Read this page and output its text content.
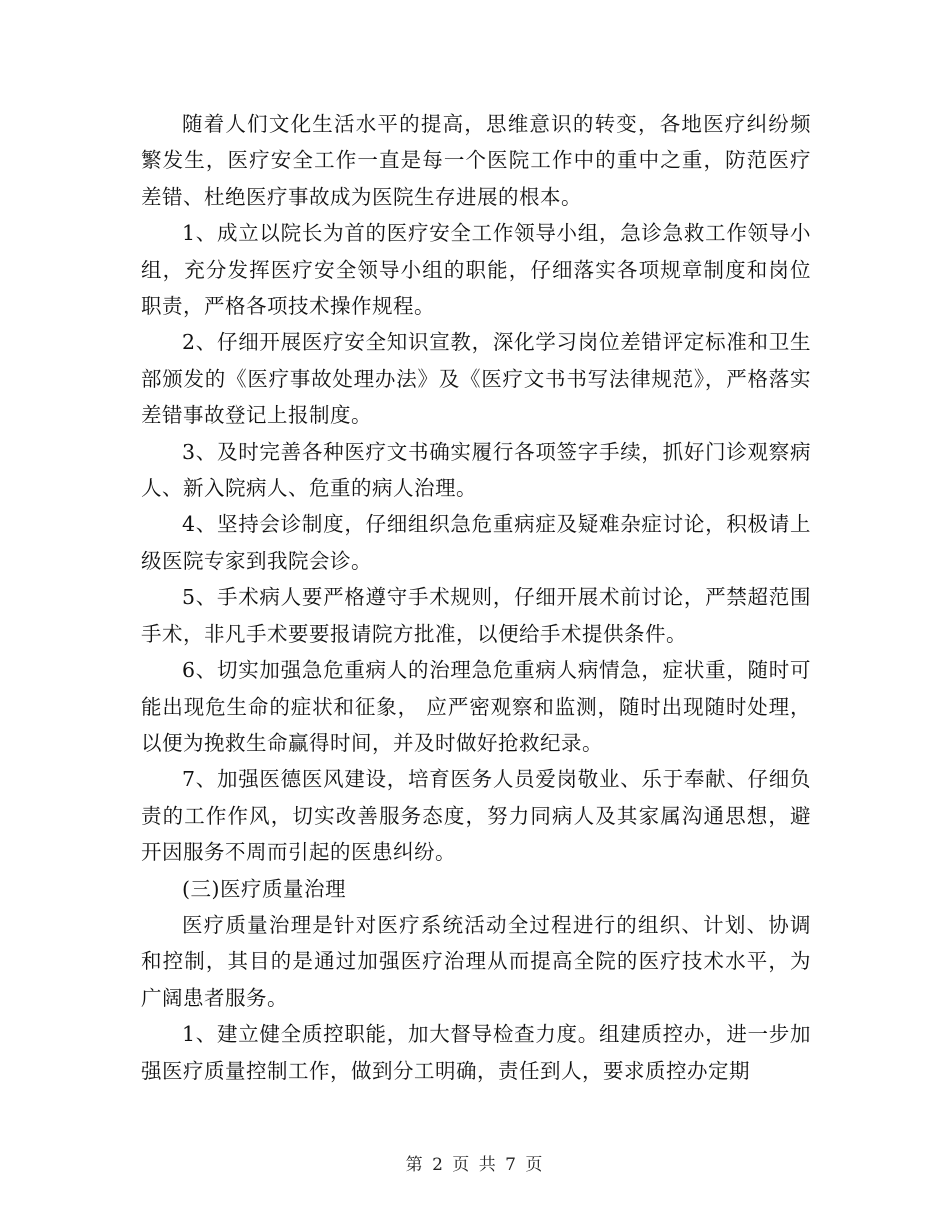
随着人们文化生活水平的提高，思维意识的转变，各地医疗纠纷频繁发生，医疗安全工作一直是每一个医院工作中的重中之重，防范医疗差错、杜绝医疗事故成为医院生存进展的根本。

1、成立以院长为首的医疗安全工作领导小组，急诊急救工作领导小组，充分发挥医疗安全领导小组的职能，仔细落实各项规章制度和岗位职责，严格各项技术操作规程。

2、仔细开展医疗安全知识宣教，深化学习岗位差错评定标准和卫生部颁发的《医疗事故处理办法》及《医疗文书书写法律规范》，严格落实差错事故登记上报制度。

3、及时完善各种医疗文书确实履行各项签字手续，抓好门诊观察病人、新入院病人、危重的病人治理。

4、坚持会诊制度，仔细组织急危重病症及疑难杂症讨论，积极请上级医院专家到我院会诊。

5、手术病人要严格遵守手术规则，仔细开展术前讨论，严禁超范围手术，非凡手术要要报请院方批准，以便给手术提供条件。

6、切实加强急危重病人的治理急危重病人病情急，症状重，随时可能出现危生命的症状和征象， 应严密观察和监测，随时出现随时处理，以便为挽救生命赢得时间，并及时做好抢救纪录。

7、加强医德医风建设，培育医务人员爱岗敬业、乐于奉献、仔细负责的工作作风，切实改善服务态度，努力同病人及其家属沟通思想，避开因服务不周而引起的医患纠纷。

(三)医疗质量治理

医疗质量治理是针对医疗系统活动全过程进行的组织、计划、协调和控制，其目的是通过加强医疗治理从而提高全院的医疗技术水平，为广阔患者服务。

1、建立健全质控职能，加大督导检查力度。组建质控办，进一步加强医疗质量控制工作，做到分工明确，责任到人，要求质控办定期

第 2 页 共 7 页
